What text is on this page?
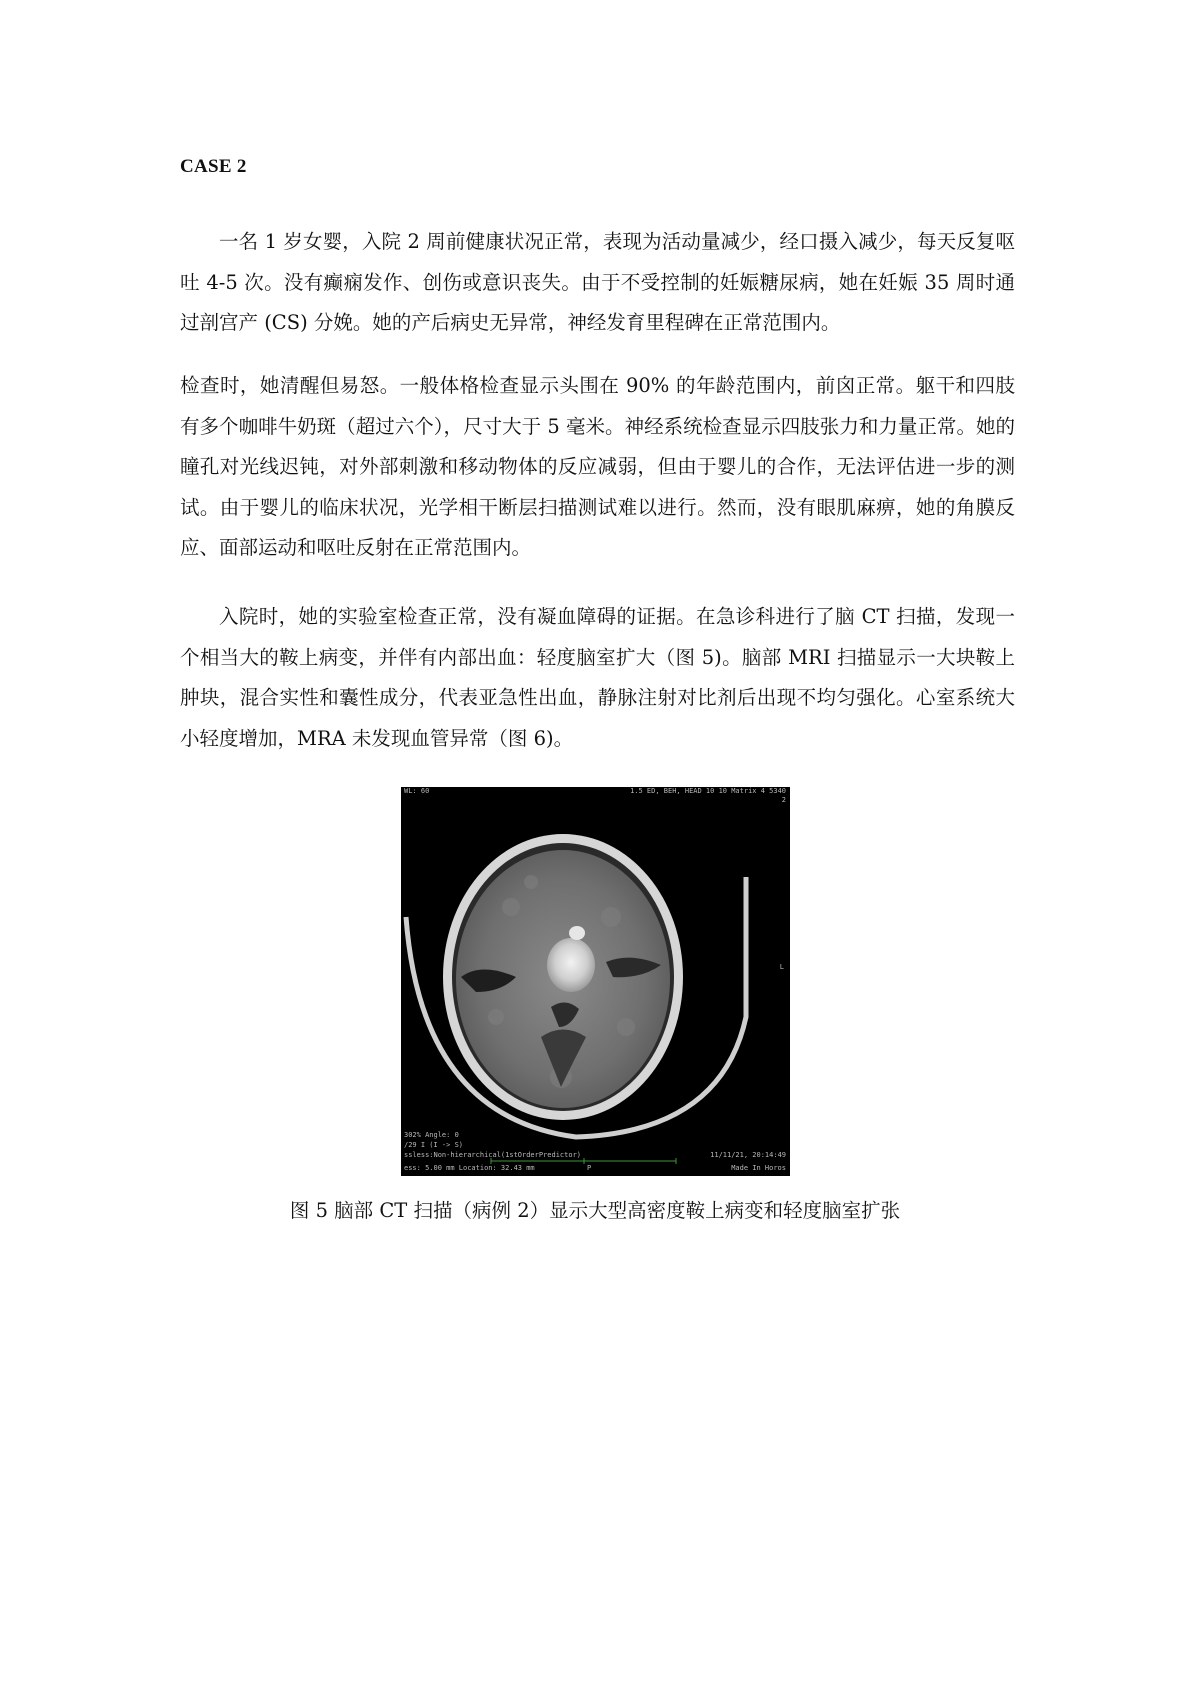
CASE 2

一名 1 岁女婴，入院 2 周前健康状况正常，表现为活动量减少，经口摄入减少，每天反复呕吐 4-5 次。没有癫痫发作、创伤或意识丧失。由于不受控制的妊娠糖尿病，她在妊娠 35 周时通过剖宫产 (CS) 分娩。她的产后病史无异常，神经发育里程碑在正常范围内。

检查时，她清醒但易怒。一般体格检查显示头围在 90% 的年龄范围内，前囟正常。躯干和四肢有多个咖啡牛奶斑（超过六个），尺寸大于 5 毫米。神经系统检查显示四肢张力和力量正常。她的瞳孔对光线迟钝，对外部刺激和移动物体的反应减弱，但由于婴儿的合作，无法评估进一步的测试。由于婴儿的临床状况，光学相干断层扫描测试难以进行。然而，没有眼肌麻痹，她的角膜反应、面部运动和呕吐反射在正常范围内。

入院时，她的实验室检查正常，没有凝血障碍的证据。在急诊科进行了脑 CT 扫描，发现一个相当大的鞍上病变，并伴有内部出血：轻度脑室扩大（图 5)。脑部 MRI 扫描显示一大块鞍上肿块，混合实性和囊性成分，代表亚急性出血，静脉注射对比剂后出现不均匀强化。心室系统大小轻度增加，MRA 未发现血管异常（图 6)。

WL: 60	1.5 ED, BEH, HEAD 10 10 Matrix 4 5340
2
L
302% Angle: 0
/29 I (I -> S)
ssless:Non-hierarchical(1stOrderPredictor)
ess: 5.00 mm Location: 32.43 mm	P
11/11/21, 20:14:49
Made In Horos
图 5 脑部 CT 扫描（病例 2）显示大型高密度鞍上病变和轻度脑室扩张
